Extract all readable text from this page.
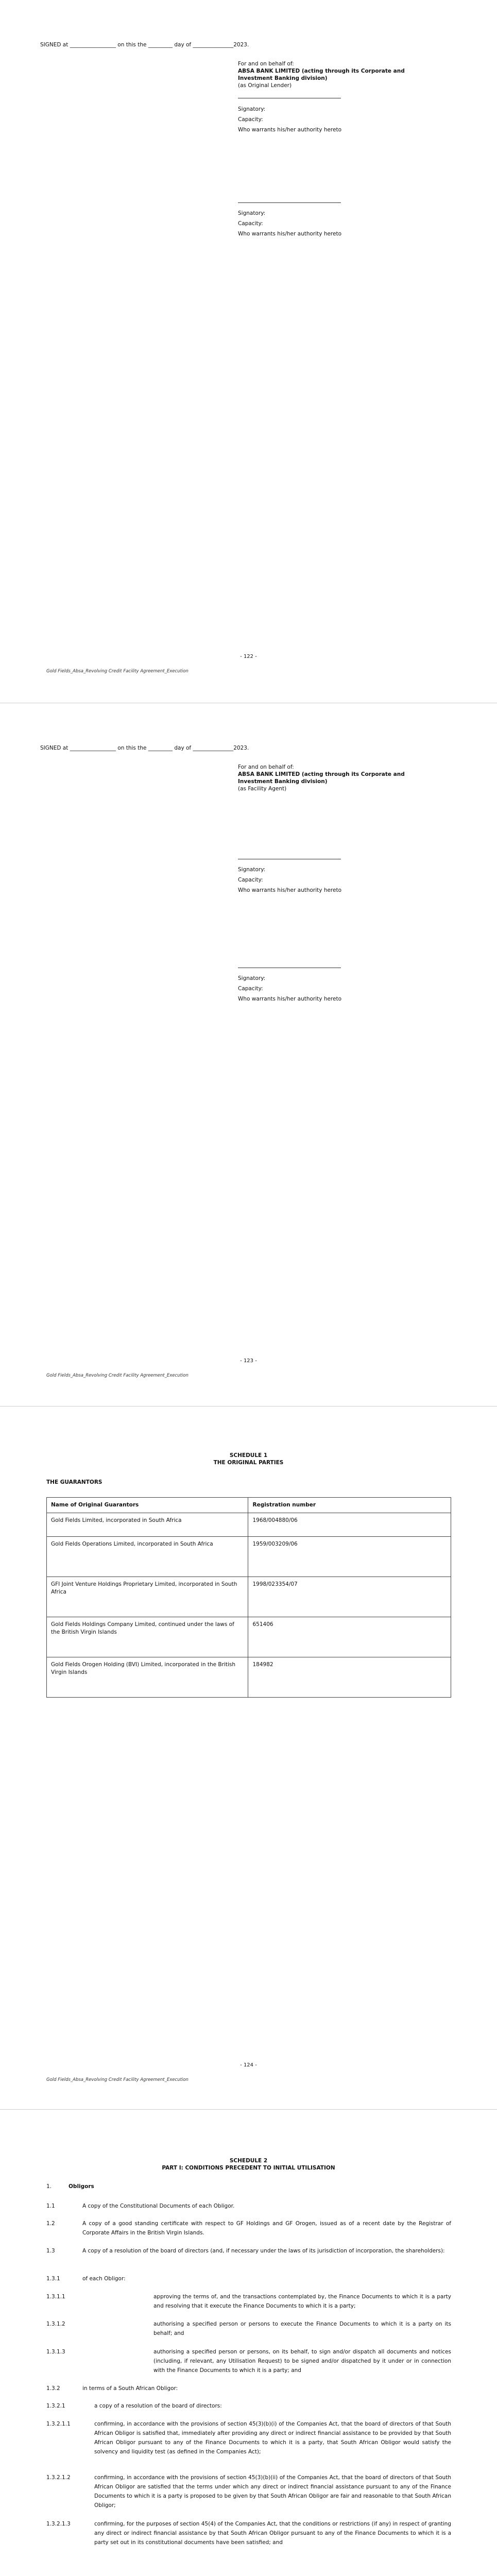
SIGNED at _________________ on this the _________ day of _______________2023.
For and on behalf of:
ABSA BANK LIMITED (acting through its Corporate and
Investment Banking division)
(as Original Lender)
Signatory:
Capacity:
Who warrants his/her authority hereto
Signatory:
Capacity:
Who warrants his/her authority hereto
- 122 -
Gold Fields_Absa_Revolving Credit Facility Agreement_Execution
SIGNED at _________________ on this the _________ day of _______________2023.
For and on behalf of:
ABSA BANK LIMITED (acting through its Corporate and
Investment Banking division)
(as Facility Agent)
Signatory:
Capacity:
Who warrants his/her authority hereto
Signatory:
Capacity:
Who warrants his/her authority hereto
- 123 -
Gold Fields_Absa_Revolving Credit Facility Agreement_Execution
SCHEDULE 1
THE ORIGINAL PARTIES
THE GUARANTORS
Name of Original Guarantors	Registration number
Gold Fields Limited, incorporated in South Africa	1968/004880/06
Gold Fields Operations Limited, incorporated in South Africa	1959/003209/06
GFI Joint Venture Holdings Proprietary Limited, incorporated in South Africa	1998/023354/07
Gold Fields Holdings Company Limited, continued under the laws of the British Virgin Islands	651406
Gold Fields Orogen Holding (BVI) Limited, incorporated in the British Virgin Islands	184982
- 124 -
Gold Fields_Absa_Revolving Credit Facility Agreement_Execution
SCHEDULE 2
PART I: CONDITIONS PRECEDENT TO INITIAL UTILISATION
1.	Obligors
1.1	A copy of the Constitutional Documents of each Obligor.
1.2	A copy of a good standing certificate with respect to GF Holdings and GF Orogen, issued as of a recent date by the Registrar of Corporate Affairs in the British Virgin Islands.
1.3	A copy of a resolution of the board of directors (and, if necessary under the laws of its jurisdiction of incorporation, the shareholders):
1.3.1	of each Obligor:
1.3.1.1	approving the terms of, and the transactions contemplated by, the Finance Documents to which it is a party and resolving that it execute the Finance Documents to which it is a party;
1.3.1.2	authorising a specified person or persons to execute the Finance Documents to which it is a party on its behalf; and
1.3.1.3	authorising a specified person or persons, on its behalf, to sign and/or dispatch all documents and notices (including, if relevant, any Utilisation Request) to be signed and/or dispatched by it under or in connection with the Finance Documents to which it is a party; and
1.3.2	in terms of a South African Obligor:
1.3.2.1	a copy of a resolution of the board of directors:
1.3.2.1.1	confirming, in accordance with the provisions of section 45(3)(b)(i) of the Companies Act, that the board of directors of that South African Obligor is satisfied that, immediately after providing any direct or indirect financial assistance to be provided by that South African Obligor pursuant to any of the Finance Documents to which it is a party, that South African Obligor would satisfy the solvency and liquidity test (as defined in the Companies Act);
1.3.2.1.2	confirming, in accordance with the provisions of section 45(3)(b)(ii) of the Companies Act, that the board of directors of that South African Obligor are satisfied that the terms under which any direct or indirect financial assistance pursuant to any of the Finance Documents to which it is a party is proposed to be given by that South African Obligor are fair and reasonable to that South African Obligor;
1.3.2.1.3	confirming, for the purposes of section 45(4) of the Companies Act, that the conditions or restrictions (if any) in respect of granting any direct or indirect financial assistance by that South African Obligor pursuant to any of the Finance Documents to which it is a party set out in its constitutional documents have been satisfied; and
